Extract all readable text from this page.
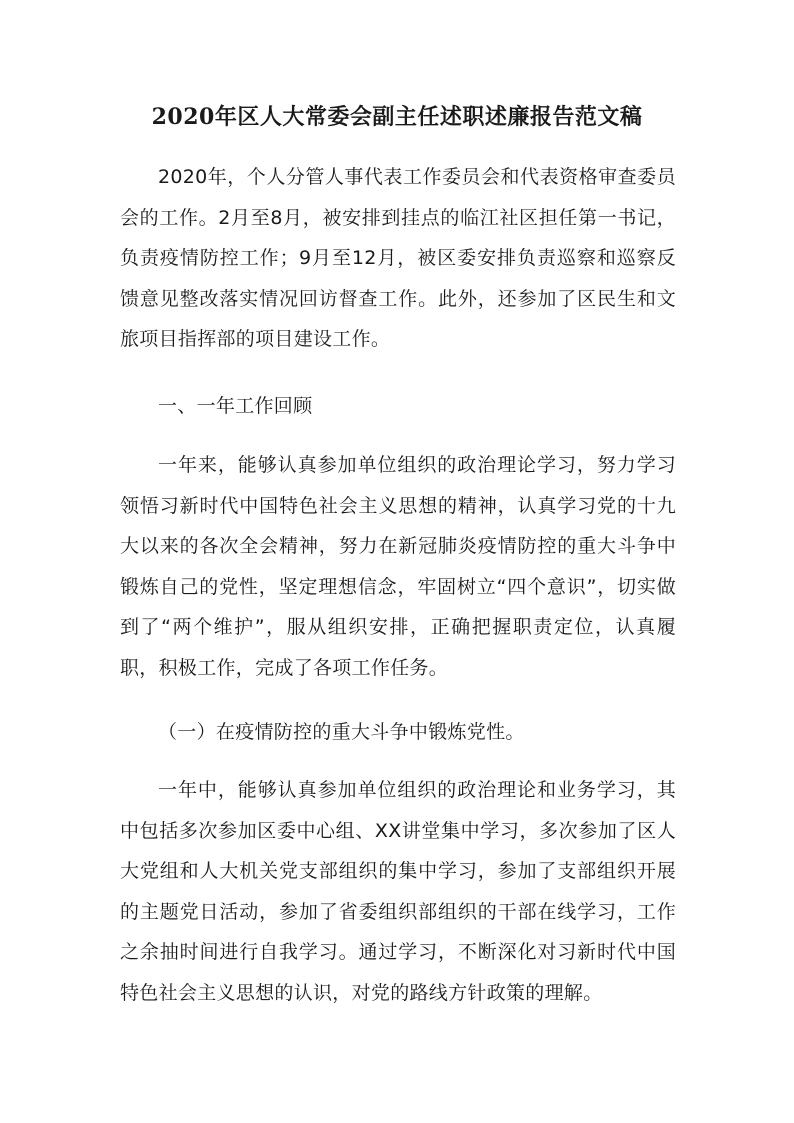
2020年区人大常委会副主任述职述廉报告范文稿

2020年，个人分管人事代表工作委员会和代表资格审查委员会的工作。2月至8月，被安排到挂点的临江社区担任第一书记，负责疫情防控工作；9月至12月，被区委安排负责巡察和巡察反馈意见整改落实情况回访督查工作。此外，还参加了区民生和文旅项目指挥部的项目建设工作。

一、一年工作回顾

一年来，能够认真参加单位组织的政治理论学习，努力学习领悟习新时代中国特色社会主义思想的精神，认真学习党的十九大以来的各次全会精神，努力在新冠肺炎疫情防控的重大斗争中锻炼自己的党性，坚定理想信念，牢固树立“四个意识”，切实做到了“两个维护”，服从组织安排，正确把握职责定位，认真履职，积极工作，完成了各项工作任务。

（一）在疫情防控的重大斗争中锻炼党性。

一年中，能够认真参加单位组织的政治理论和业务学习，其中包括多次参加区委中心组、XX讲堂集中学习，多次参加了区人大党组和人大机关党支部组织的集中学习，参加了支部组织开展的主题党日活动，参加了省委组织部组织的干部在线学习，工作之余抽时间进行自我学习。通过学习，不断深化对习新时代中国特色社会主义思想的认识，对党的路线方针政策的理解。
